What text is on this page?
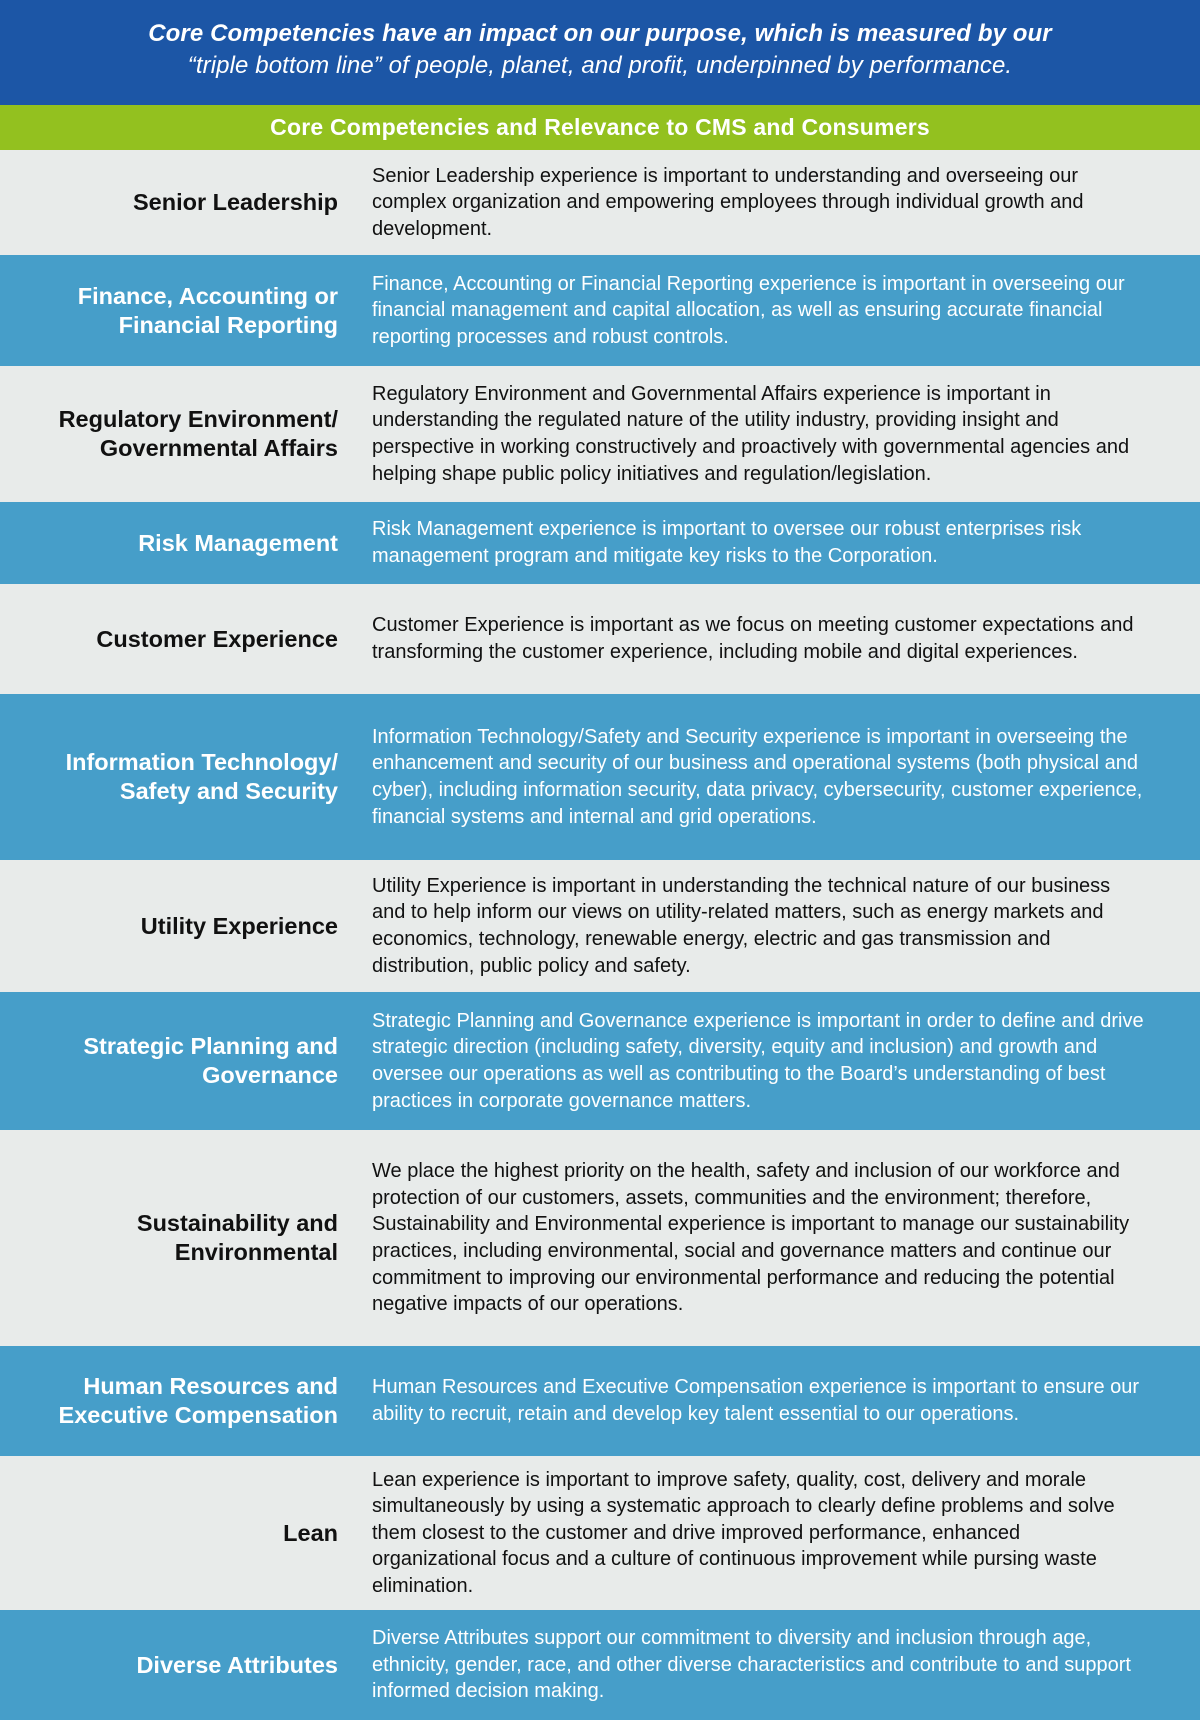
Core Competencies have an impact on our purpose, which is measured by our
“triple bottom line” of people, planet, and profit, underpinned by performance.
Core Competencies and Relevance to CMS and Consumers
Senior Leadership
Senior Leadership experience is important to understanding and overseeing our complex organization and empowering employees through individual growth and development.
Finance, Accounting or Financial Reporting
Finance, Accounting or Financial Reporting experience is important in overseeing our financial management and capital allocation, as well as ensuring accurate financial reporting processes and robust controls.
Regulatory Environment/ Governmental Affairs
Regulatory Environment and Governmental Affairs experience is important in understanding the regulated nature of the utility industry, providing insight and perspective in working constructively and proactively with governmental agencies and helping shape public policy initiatives and regulation/legislation.
Risk Management
Risk Management experience is important to oversee our robust enterprises risk management program and mitigate key risks to the Corporation.
Customer Experience
Customer Experience is important as we focus on meeting customer expectations and transforming the customer experience, including mobile and digital experiences.
Information Technology/ Safety and Security
Information Technology/Safety and Security experience is important in overseeing the enhancement and security of our business and operational systems (both physical and cyber), including information security, data privacy, cybersecurity, customer experience, financial systems and internal and grid operations.
Utility Experience
Utility Experience is important in understanding the technical nature of our business and to help inform our views on utility-related matters, such as energy markets and economics, technology, renewable energy, electric and gas transmission and distribution, public policy and safety.
Strategic Planning and Governance
Strategic Planning and Governance experience is important in order to define and drive strategic direction (including safety, diversity, equity and inclusion) and growth and oversee our operations as well as contributing to the Board’s understanding of best practices in corporate governance matters.
Sustainability and Environmental
We place the highest priority on the health, safety and inclusion of our workforce and protection of our customers, assets, communities and the environment; therefore, Sustainability and Environmental experience is important to manage our sustainability practices, including environmental, social and governance matters and continue our commitment to improving our environmental performance and reducing the potential negative impacts of our operations.
Human Resources and Executive Compensation
Human Resources and Executive Compensation experience is important to ensure our ability to recruit, retain and develop key talent essential to our operations.
Lean
Lean experience is important to improve safety, quality, cost, delivery and morale simultaneously by using a systematic approach to clearly define problems and solve them closest to the customer and drive improved performance, enhanced organizational focus and a culture of continuous improvement while pursing waste elimination.
Diverse Attributes
Diverse Attributes support our commitment to diversity and inclusion through age, ethnicity, gender, race, and other diverse characteristics and contribute to and support informed decision making.
